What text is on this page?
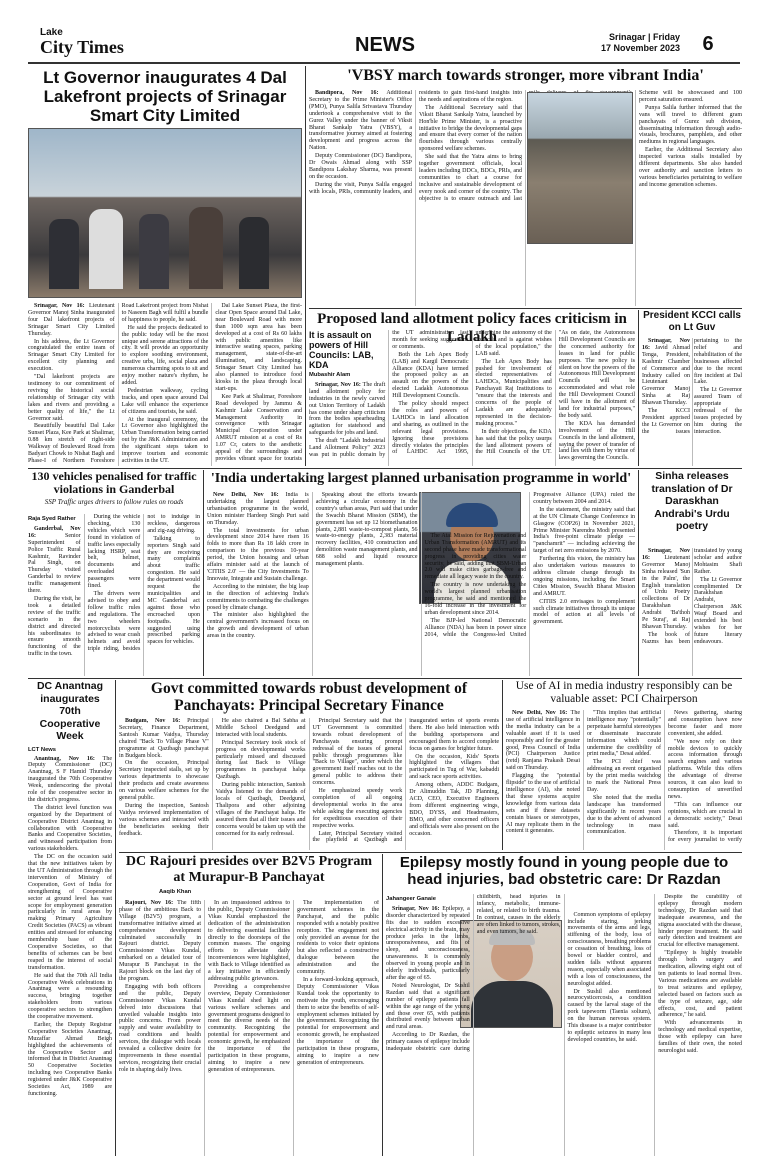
Lake
City Times	NEWS	Srinagar | Friday
17 November 2023	6
Lt Governor inaugurates 4 Dal Lakefront projects of Srinagar Smart City Limited

Srinagar, Nov 16: Lieutenant Governor Manoj Sinha inaugurated four Dal lakefront projects of Srinagar Smart City Limited Thursday.

In his address, the Lt Governor congratulated the entire team of Srinagar Smart City Limited for excellent city planning and execution.

"Dal lakefront projects are testimony to our commitment of reviving the historical social relationship of Srinagar city with lakes and rivers and providing a better quality of life," the Lt Governor said.

Beautifully beautiful Dal Lake Sunset Plaza, Kee Park at Shalimar, 0.88 km stretch of right-side Walkway of Boulevard Road from Badyari Chowk to Nishat Bagh and Phase-I of Northern Foreshore Road Lakefront project from Nishat to Naseem Bagh will fulfil a bundle of happiness to people, he said.

He said the projects dedicated to the public today will be the most unique and serene attractions of the city. It will provide an opportunity to explore soothing environment, creative urbs, life, social plaza and numerous charming spots to sit and enjoy mother nature's rhythm, he added.

Pedestrian walkway, cycling tracks, and open space around Dal Lake will enhance the experience of citizens and tourists, he said.

At the inaugural ceremony, the Lt Governor also highlighted the Urban Transformation being carried out by the J&K Administration and the significant steps taken to improve tourism and economic activities in the UT.

Dal Lake Sunset Plaza, the first-clear Open Space around Dal Lake, near Boulevard Road with more than 1000 sqm area has been developed at a cost of Rs 60 lakhs with public amenities like interactive seating spaces, parking management, state-of-the-art illumination, and landscaping. Srinagar Smart City Limited has also planned to introduce food kiosks in the plaza through local start-ups.

Kee Park at Shalimar, Foreshore Road developed by Jammu & Kashmir Lake Conservation and Management Authority in convergence with Srinagar Municipal Corporation under AMRUT mission at a cost of Rs 1.07 Cr, caters to the aesthetic appeal of the surroundings and provides vibrant space for tourists

'VBSY march towards stronger, more vibrant India'

Bandipora, Nov 16: Additional Secretary to the Prime Minister's Office (PMO), Punya Salila Srivastava Thursday undertook a comprehensive visit to the Gurez Valley under the banner of Viksit Bharat Sankalp Yatra (VBSY), a transformative journey aimed at fostering development and progress across the Nation.

Deputy Commissioner (DC) Bandipora, Dr Owais Ahmad along with SSP Bandipora Lakshay Sharma, was present on the occasion.

During the visit, Punya Salila engaged with locals, PRIs, community leaders, and residents to gain first-hand insights into the needs and aspirations of the region.

The Additional Secretary said that Viksit Bharat Sankalp Yatra, launched by Hon'ble Prime Minister, is a proactive initiative to bridge the developmental gaps and ensure that every corner of the nation flourishes through various centrally sponsored welfare schemes.

She said that the Yatra aims to bring together government officials, local leaders including DDCs, BDCs, PRIs, and communities to chart a course for inclusive and sustainable development of every nook and corner of the country. The objective is to ensure outreach and last

Scheme will be showcased and 100 percent saturation ensured.

Punya Salila further informed that the vans will travel to different gram panchayats of Gurez sub division, disseminating information through audio-visuals, brochures, pamphlets, and other mediums in regional languages.

Earlier, the Additional Secretary also inspected various stalls installed by different departments. She also handed over authority and sanction letters to various beneficiaries pertaining to welfare and income generation schemes.

Proposed land allotment policy faces criticism in Ladakh
It is assault on powers of Hill Councils: LAB, KDA
Mubashir Alam

Srinagar, Nov 16: The draft land allotment policy for industries in the newly carved out Union Territory of Ladakh has come under sharp criticism from the bodies spearheading agitation for statehood and safeguards for jobs and land.

The draft "Ladakh Industrial Land Allotment Policy" 2023 was put in public domain by the UT administration last month for seeking suggestions or comments.

Both the Leh Apex Body (LAB) and Kargil Democratic Alliance (KDA) have termed the proposed policy as an assault on the powers of the elected Ladakh Autonomous Hill Development Councils.

The policy should respect the roles and powers of LAHDCs in land allocation and sharing, as outlined in the relevant legal provisions. Ignoring these provisions directly violates the principles of LAHDC Act 1995, undermine the autonomy of the councils and is against wishes of the local population," the LAB said.

The Leh Apex Body has pushed for involvement of elected representatives of LAHDCs, Municipalities and Panchayati Raj Institutions to "ensure that the interests and concerns of the people of Ladakh are adequately represented in the decision-making process."

In their objections, the KDA has said that the policy usurps the land allotment powers of the Hill Councils of the UT. "As on date, the Autonomous Hill Development Councils are the concerned authority for leases in land for public purposes. The new policy is silent on how the powers of the Autonomous Hill Development Councils will be accommodated and what role the Hill Development Council will have in the allotment of land for industrial purposes," the body said.

The KDA has demanded involvement of the Hill Councils in the land allotment, saying the power of transfer of land lies with them by virtue of laws governing the Councils.

President KCCI calls on Lt Guv

Srinagar, Nov 16: Javid Ahmad Tenga, President, Kashmir Chamber of Commerce and Industry called on Lieutenant Governor Manoj Sinha at Raj Bhawan Thursday.

The KCCI President apprised the Lt Governor on the issues pertaining to the relief and rehabilitation of the businesses affected due to the recent fire incident at Dal Lake.

The Lt Governor assured Team of appropriate redressal of the issues projected by him during the interaction.

130 vehicles penalised for traffic violations in Ganderbal
SSP Traffic urges drivers to follow rules on roads
Raja Syed Rather

Ganderbal, Nov 16:	Senior Superintendent of Police Traffic Rural Kashmir, Ravinder Pal Singh, on Thursday visited Ganderbal to review traffic management there.

During the visit, he took a detailed review of the traffic scenario in the district and directed his subordinates to ensure smooth functioning of the traffic in the town.

During the vehicle checking, 130 vehicles which were found in violation of traffic laws especially lacking HSRP, seat belt, helmet, documents and overloaded passengers were fined.

The drivers were advised to obey and follow traffic rules and regulations. The two wheelers motorcyclists were advised to wear crash helmets and avoid triple riding, besides not to indulge in reckless, dangerous and zig-zag driving.

Talking to reporters Singh said they are receiving many complaints about traffic congestion. He said the department would request the municipalities and MC Ganderbal act against those who encroached upon footpaths. He suggested using prescribed parking spaces for vehicles.

'India undertaking largest planned urbanisation programme in world'

New Delhi, Nov 16: India is undertaking the largest planned urbanisation programme in the world, Union minister Hardeep Singh Puri said on Thursday.

The total investments for urban development since 2014 have risen 16 folds to more than Rs 18 lakh crore in comparison to the previous 10-year period, the Union housing and urban affairs minister said at the launch of 'CITIIS 2.0' — the City Investments To Innovate, Integrate and Sustain challenge.

According to the minister, the big leap in the direction of achieving India's commitments to combating the challenges posed by climate change.

The minister also highlighted the central government's increased focus on the growth and development of urban areas in the country.

Speaking about the efforts towards achieving a circular economy in the country's urban areas, Puri said that under the Swachh Bharat Mission (SBM), the government has set up 12 biomethanation plants, 2,881 waste-to-compost plants, 56 waste-to-energy plants, 2,383 material recovery facilities, 410 construction and demolition waste management plants, and 688 solid and liquid resource management plants.

The Atal Mission for Rejuvenation and Urban Transformation (AMRUT) and its second phase have made transformational progress in providing cities water security, he said, adding that SBM-Urban 2.0 will make cities garbage-free and remediate all legacy waste in the country.

The country is now undertaking the world's largest planned urbanisation programme, he said and mentioned the 16-fold increase in the investment for urban development since 2014.

The BJP-led National Democratic Alliance (NDA) has been in power since 2014, while the Congress-led United Progressive Alliance (UPA) ruled the country between 2004 and 2014.

In the statement, the ministry said that at the UN Climate Change Conference in Glasgow (COP26) in November 2021, Prime Minister Narendra Modi presented India's five-point climate pledge — "panchamrit" — including achieving the target of net zero emissions by 2070.

Furthering this vision, the ministry has also undertaken various measures to address climate change through its ongoing missions, including the Smart Cities Mission, Swachh Bharat Mission and AMRUT.

CITIIS 2.0 envisages to complement such climate initiatives through its unique model of action at all levels of government.

Sinha releases translation of Dr Daraskhan Andrabi's Urdu poetry

Srinagar, Nov 16: Lieutenant Governor Manoj Sinha released 'Sun in the Palm', the English translation of Urdu Poetry collections of Dr Darakhshan Andrabi 'Ba'thoh Pe Suraj', at Raj Bhawan Thursday.

The book of Nazms has been translated by young scholar and author Mohtasim Shafi Rather.

The Lt Governor complimented Dr Darakhshan Andrabi, Chairperson J&K Waqf Board and extended his best wishes for her future literary endeavours.

DC Anantnag inaugurates 70th Cooperative Week
LCT News

Anantnag, Nov 16: The Deputy Commissioner (DC) Anantnag, S F Hamid Thursday inaugurated the 70th Cooperative Week, underscoring the pivotal role of the cooperative sector in the district's progress.

The district level function was organized by the Department of Cooperative District Anantnag in collaboration with Cooperative Banks and Cooperative Societies, and witnessed participation from various stakeholders.

The DC on the occasion said that the new initiatives taken by the UT Administration through the intervention of Ministry of Cooperation, Govt of India for strengthening of Cooperative sector at ground level has vast scope for employment generation particularly in rural areas by making Primary Agriculture Credit Societies (PACS) as vibrant entities and stressed for enhancing membership base of the Cooperative Societies, so that benefits of schemes can be best reaped in the interest of social transformation.

He said that the 70th All India Cooperative Week celebrations in Anantnag were a resounding success, bringing together stakeholders from various cooperative sectors to strengthen the cooperative movement.

Earlier, the Deputy Registrar Cooperative Societies Anantnag, Muzaffar Ahmad Beigh highlighted the achievements of the Cooperative Sector and informed that in District Anantnag 50 Cooperative Societies including two Cooperative Banks registered under J&K Cooperative Societies Act, 1989 are functioning.

Govt committed towards robust development of Panchayats: Principal Secretary Finance

Budgam, Nov 16: Principal Secretary, Finance Department, Santosh Kumar Vaidya, Thursday chaired "Back To Village Phase V" programme at Qazibagh panchayat in Budgam block.

On the occasion, Principal Secretary inspected stalls, set up by various departments to showcase their products and create awareness on various welfare schemes for the general public.

During the inspection, Santosh Vaidya reviewed implementation of various schemes and interacted with the beneficiaries seeking their feedback.

He also chaired a Bal Sabha at Middle School Deedgund and interacted with local students.

Principal Secretary took stock of progress on developmental works particularly missed and discussed during last Back to Village programmes in panchayat halqa Qazibagh.

During public interaction, Santosh Vaidya listened to the demands of locals of Qazibagh, Deedgund, Thalipora and other adjoining villages of the Panchayat halqa. He assured them that all their issues and concerns would be taken up with the concerned for its early redressal.

Principal Secretary said that the UT Government is committed towards robust development of Panchayats ensuring prompt redressal of the issues of general public through programmes like "Back to Village", under which the government itself reaches out to the general public to address their concerns.

He emphasized speedy work completion of all ongoing developmental works in the area while asking the executing agencies for expeditious execution of their respective works.

Later, Principal Secretary visited the playfield at Qazibagh and inaugurated series of sports events there. He also held interaction with the budding sportspersons and encouraged them to accord complete focus on games for brighter future.

On the occasion, Kids' Sports highlighted the villagers that participated in Tug of War, kabaddi and sack race sports activities.

Among others, ADDC Budgam, Dr Alimuddin Tak, JD Planning, ACD, CEO, Executive Engineers from different engineering wings, BDO, DYSS, and Headmasters, BMO, and other concerned officers and officials were also present on the occasion.

Use of AI in media industry responsibly can be valuable asset: PCI Chairperson

New Delhi, Nov 16: The use of artificial intelligence in the media industry can be a valuable asset if it is used responsibly and for the greater good, Press Council of India (PCI) Chairperson Justice (retd) Ranjana Prakash Desai said on Thursday.

Flagging the "potential flipside" to the use of artificial intelligence (AI), she noted that these systems acquire knowledge from various data sets and if these datasets contain biases or stereotypes, AI may replicate them in the content it generates.

"This implies that artificial intelligence may "potentially" perpetuate harmful stereotypes or disseminate inaccurate information which could undermine the credibility of print media," Desai added.

The PCI chief was addressing an event organised by the print media watchdog to mark the National Press Day.

She noted that the media landscape has transformed significantly in recent years due to the advent of advanced technology in mass communication.

News gathering, sharing and consumption have now become faster and more convenient, she added.

"We now rely on their mobile devices to quickly access information through search engines and various platforms. While this offers the advantage of diverse sources, it can also lead to consumption of unverified news.

"This can influence our opinions, which are crucial in a democratic society," Desai said.

Therefore, it is important for every journalist to verify

DC Rajouri presides over B2V5 Program at Murapur-B Panchayat
Aaqib Khan

Rajouri, Nov 16: The fifth phase of the ambitious Back to Village (B2V5) program, a transformative initiative aimed at comprehensive development culminated successfully in Rajouri district. Deputy Commissioner Vikas Kundal, embarked on a detailed tour of Murapur B Panchayat in the Rajouri block on the last day of the program.

Engaging with both officers and the public, Deputy Commissioner Vikas Kundal delved into discussions that unveiled valuable insights into public concerns. From power supply and water availability to road conditions and health services, the dialogue with locals revealed a collective desire for improvements in these essential services, recognizing their crucial role in shaping daily lives.

In an impassioned address to the public, Deputy Commissioner Vikas Kundal emphasized the dedication of the administration to delivering essential facilities directly to the doorsteps of the common masses. The ongoing efforts to alleviate daily inconveniences were highlighted, with Back to Village identified as a key initiative in efficiently addressing public grievances.

Providing a comprehensive overview, Deputy Commissioner Vikas Kundal shed light on various welfare schemes and government programs designed to meet the diverse needs of the community. Recognizing the potential for empowerment and economic growth, he emphasized the importance of the participation in these programs, aiming to inspire a new generation of entrepreneurs.

The implementation of government schemes in the Panchayat, and the public responded with a notably positive reception. The engagement not only provided an avenue for the residents to voice their opinions but also reflected a constructive dialogue between the administration and the community.

In a forward-looking approach, Deputy Commissioner Vikas Kundal took the opportunity to motivate the youth, encouraging them to seize the benefits of self-employment schemes initiated by the government. Recognizing the potential for empowerment and economic growth, he emphasized the importance of the participation in these programs, aiming to inspire a new generation of entrepreneurs.

Epilepsy mostly found in young people due to head injuries, bad obstetric care: Dr Razdan
Jahangeer Ganaie

Srinagar, Nov 16: Epilepsy, a disorder characterized by repeated fits due to sudden excessive electrical activity in the brain, may produce jerks in the limbs, unresponsiveness, and fits of sleep, and unconsciousness, unawareness. It is commonly observed in young people and in elderly individuals, particularly after the age of 65.

Noted Neurologist, Dr Sushil Razdan said that a significant number of epilepsy patients fall within the age range of the young and those over 65, with patients distributed evenly between urban and rural areas.

According to Dr Razdan, the primary causes of epilepsy include inadequate obstetric care during childbirth, head injuries in infancy, metabolic, immune-related, or related to birth trauma. In contrast, causes in the elderly are often linked to tumors, strokes, and even tumors, he said.

Common symptoms of epilepsy include staring, jerking movements of the arms and legs, stiffening of the body, loss of consciousness, breathing problems or cessation of breathing, loss of bowel or bladder control, and sudden falls without apparent reason, especially when associated with a loss of consciousness, the neurologist added.

Dr Sushil also mentioned neurocysticercosis, a condition caused by the larval stage of the pork tapeworm (Taenia solium), on the human nervous system. This disease is a major contributor to epileptic seizures in many less developed countries, he said.

Despite the curability of epilepsy through modern technology, Dr Razdan said that inadequate awareness, and the stigma associated with the disease, hinder proper treatment. He said early detection and treatment are crucial for effective management.

"Epilepsy is highly treatable through both surgery and medication, allowing eight out of ten patients to lead normal lives. Various medications are available to treat seizures and epilepsy, selected based on factors such as the type of seizure, age, side effects, cost, and patient adherence," he said.

With advancements in technology and medical expertise, those with epilepsy can have families of their own, the noted neurologist said.
